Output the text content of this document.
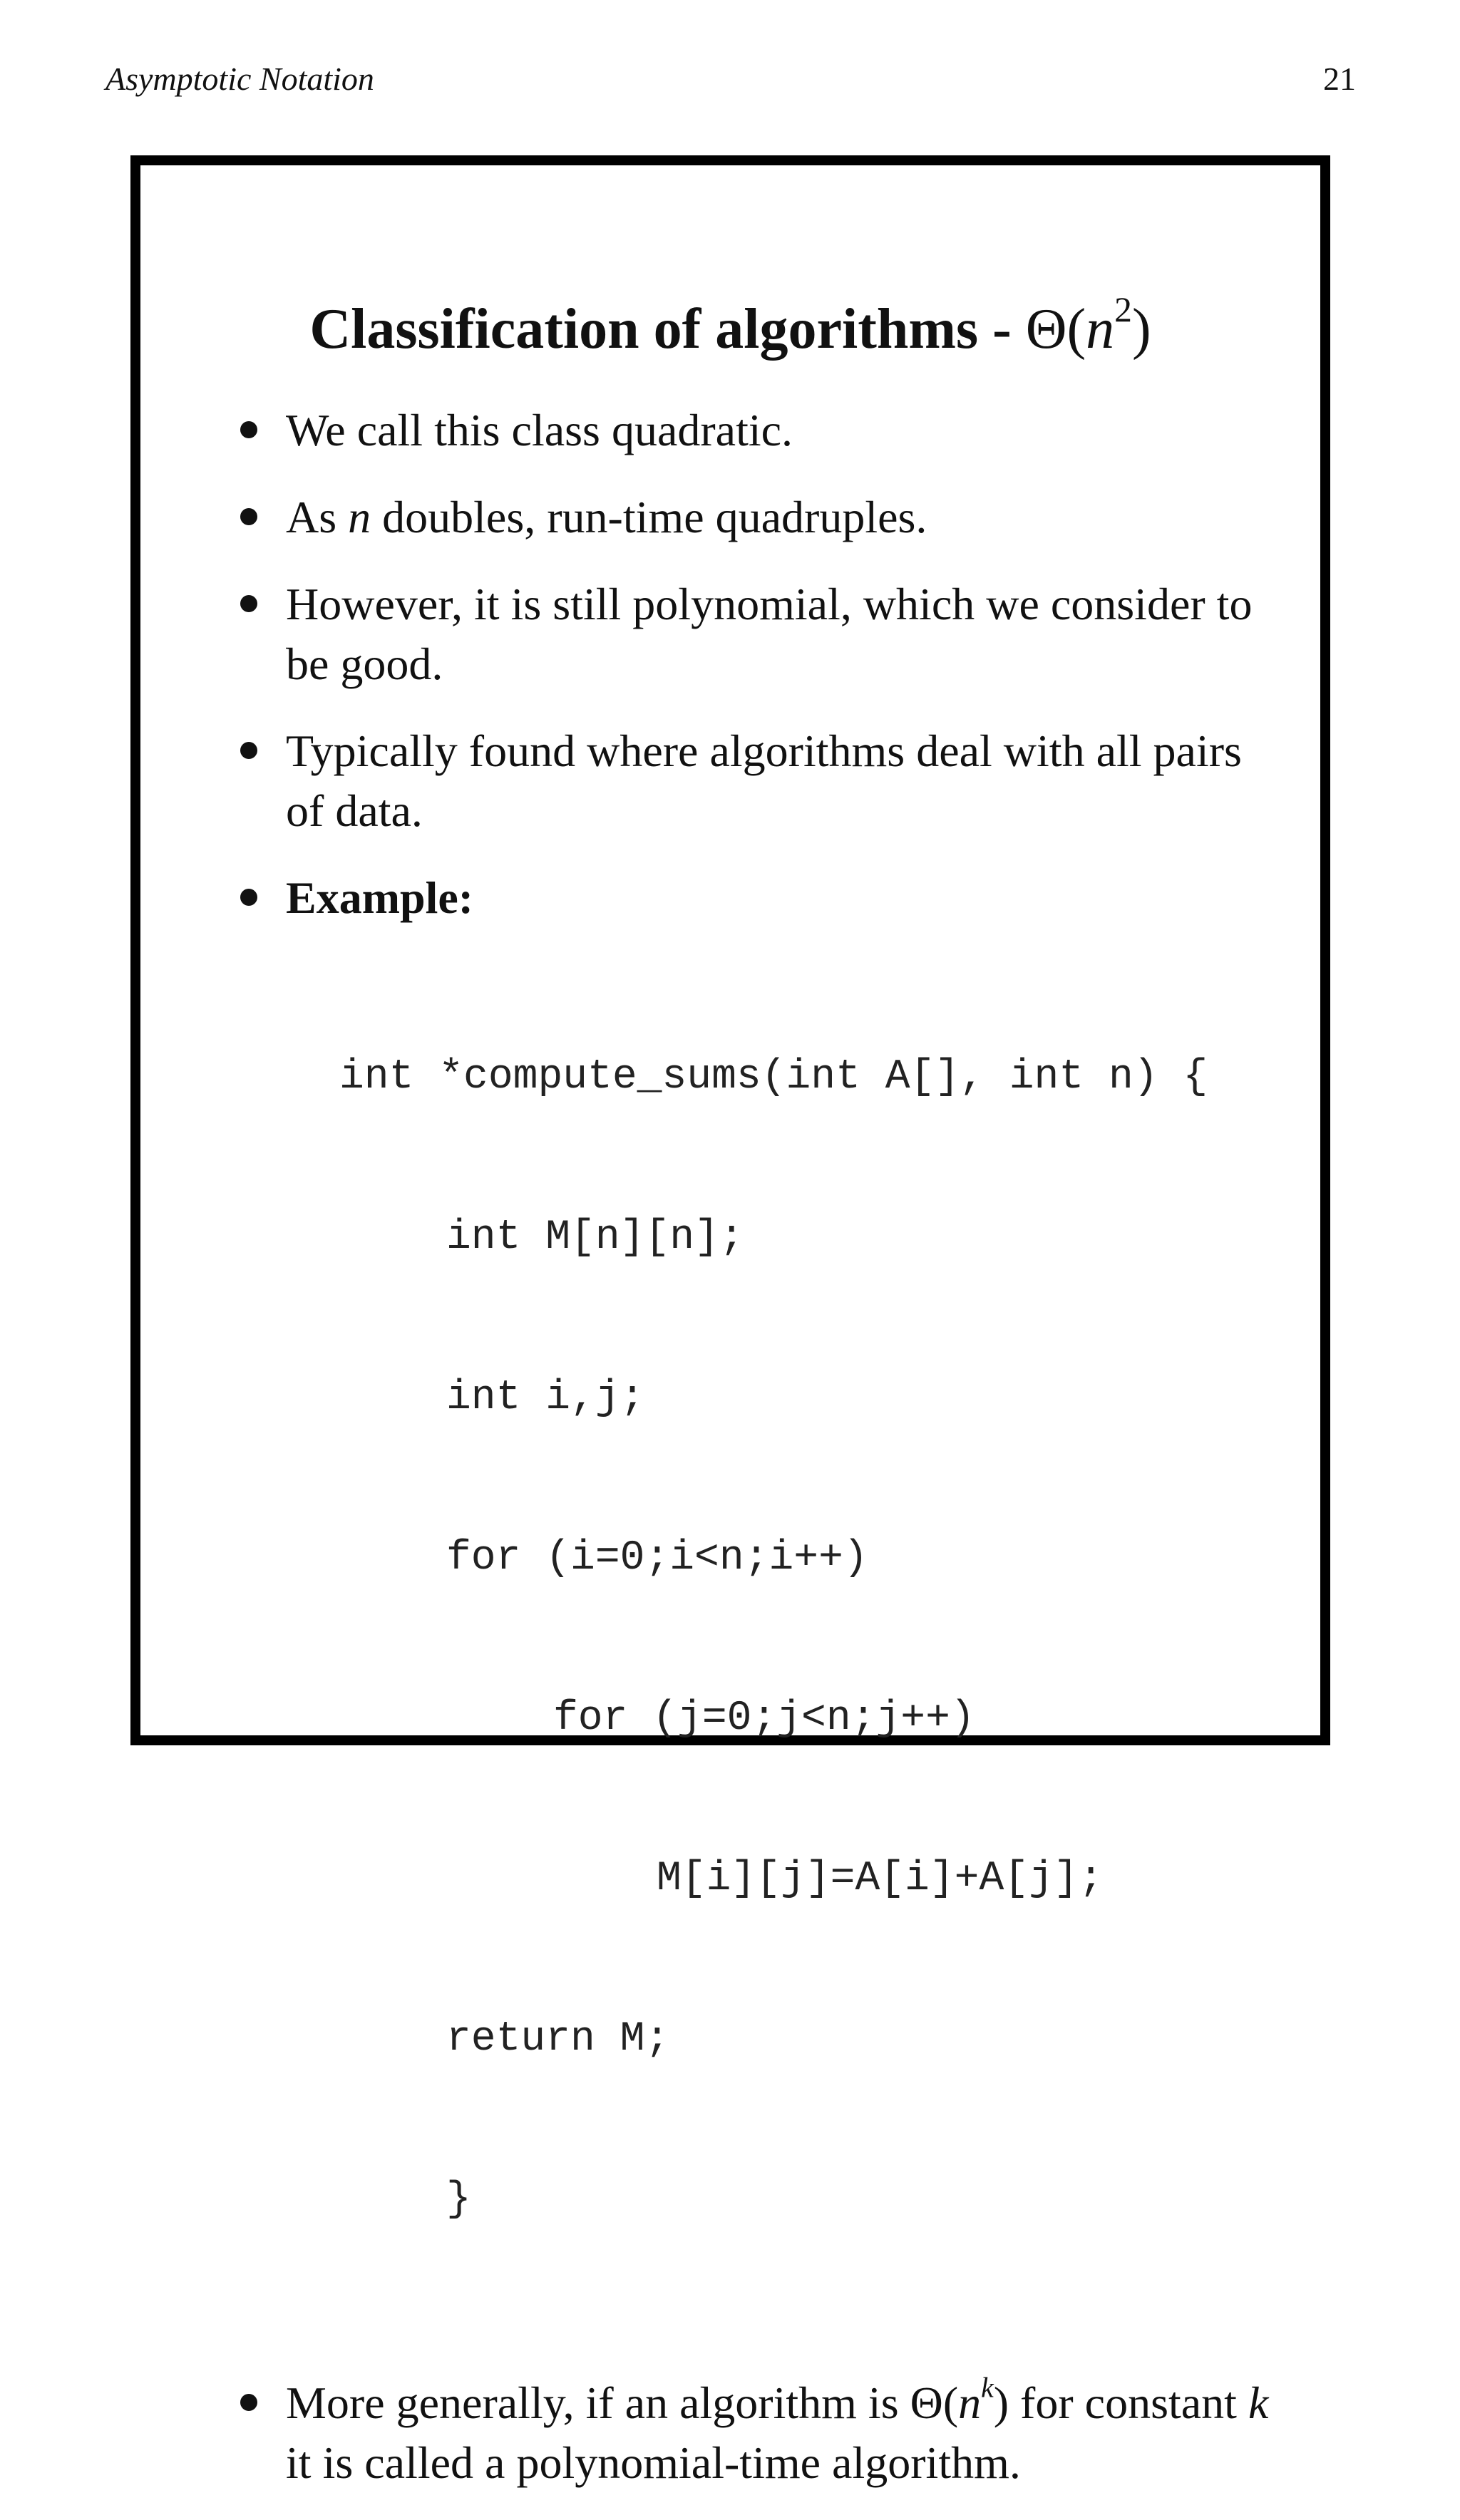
Asymptotic Notation	21
Classification of algorithms - $\Theta(n^2)$
We call this class quadratic.
As n doubles, run-time quadruples.
However, it is still polynomial, which we consider to be good.
Typically found where algorithms deal with all pairs of data.
Example:

int *compute_sums(int A[], int n) {

int M[n][n];

int i,j;

for (i=0;i<n;i++)

for (j=0;j<n;j++)

M[i][j]=A[i]+A[j];

return M;

}

More generally, if an algorithm is $\Theta(n^k)$ for constant k it is called a polynomial-time algorithm.
